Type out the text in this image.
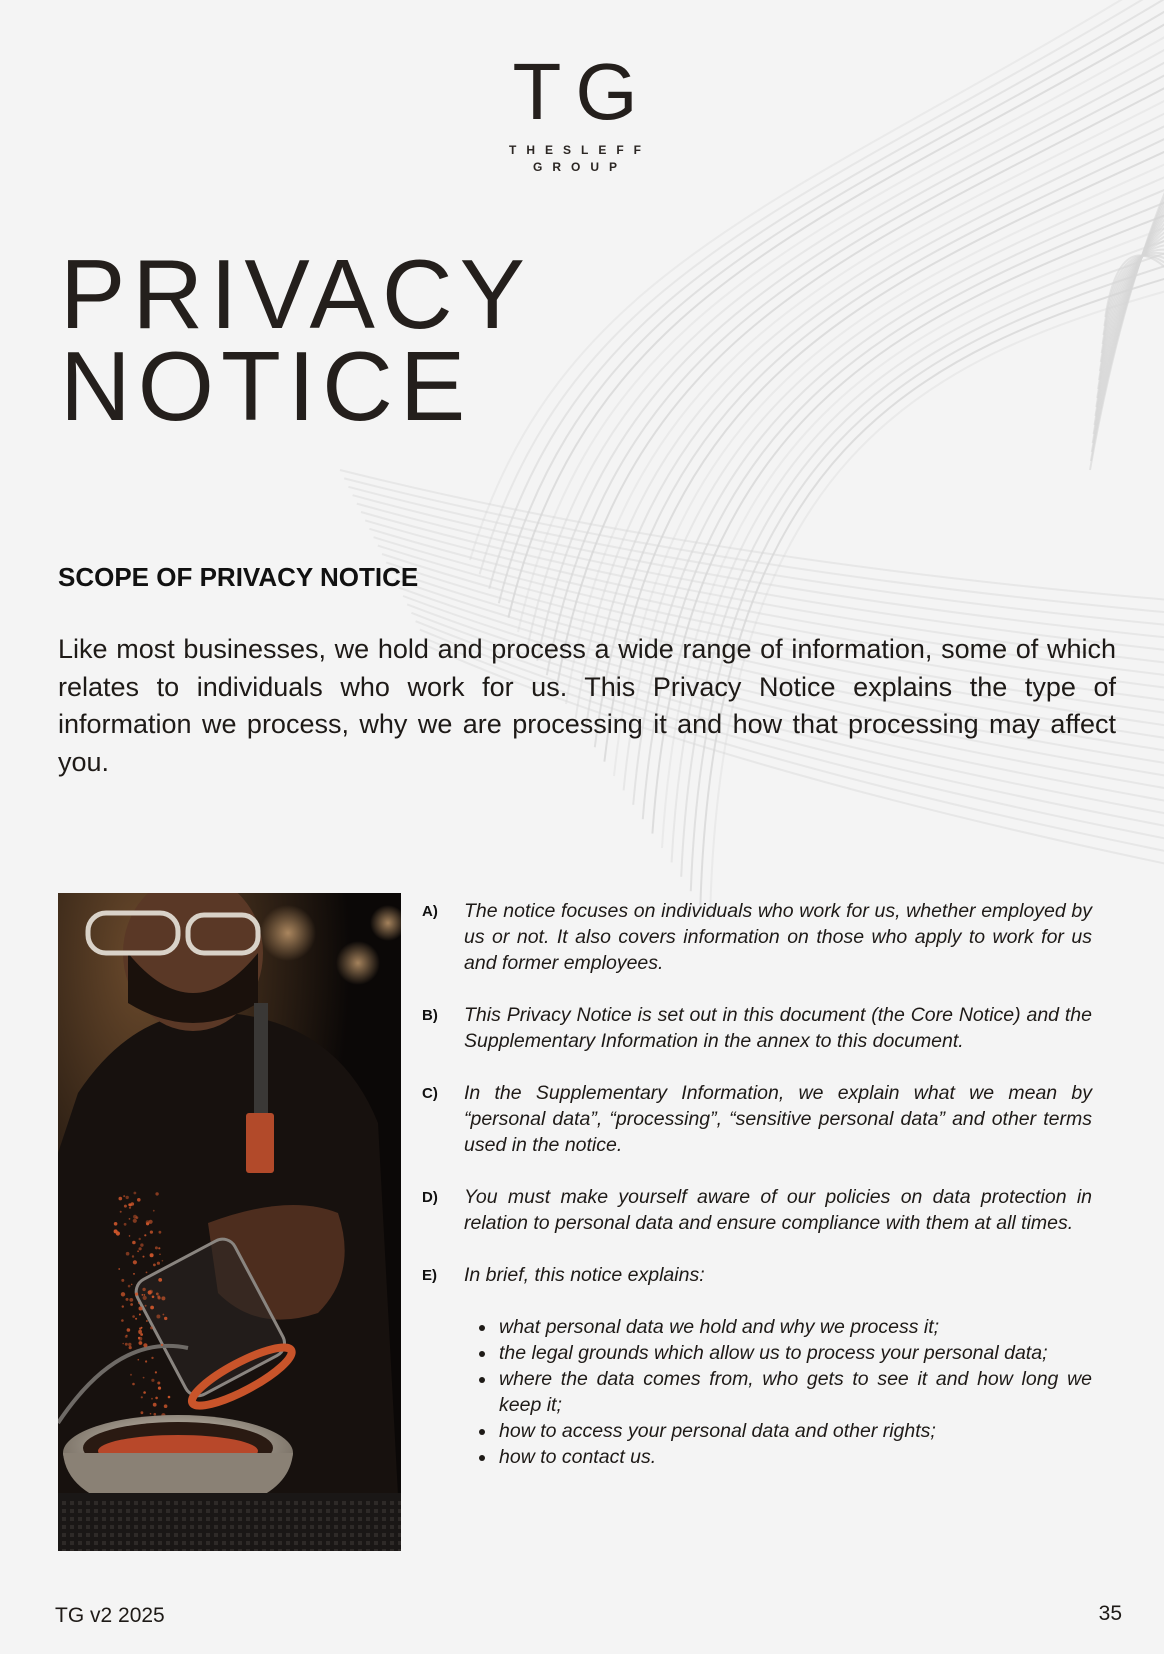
TG
THESLEFF
GROUP
PRIVACY
NOTICE
SCOPE OF PRIVACY NOTICE

Like most businesses, we hold and process a wide range of information, some of which relates to individuals who work for us. This Privacy Notice explains the type of information we process, why we are processing it and how that processing may affect you.

A)	The notice focuses on individuals who work for us, whether employed by us or not. It also covers information on those who apply to work for us and former employees.
B)	This Privacy Notice is set out in this document (the Core Notice) and the Supplementary Information in the annex to this document.
C)	In the Supplementary Information, we explain what we mean by “personal data”, “processing”, “sensitive personal data” and other terms used in the notice.
D)	You must make yourself aware of our policies on data protection in relation to personal data and ensure compliance with them at all times.
E)	In brief, this notice explains:
• what personal data we hold and why we process it;
• the legal grounds which allow us to process your personal data;
• where the data comes from, who gets to see it and how long we keep it;
• how to access your personal data and other rights;
• how to contact us.
TG v2 2025	35
